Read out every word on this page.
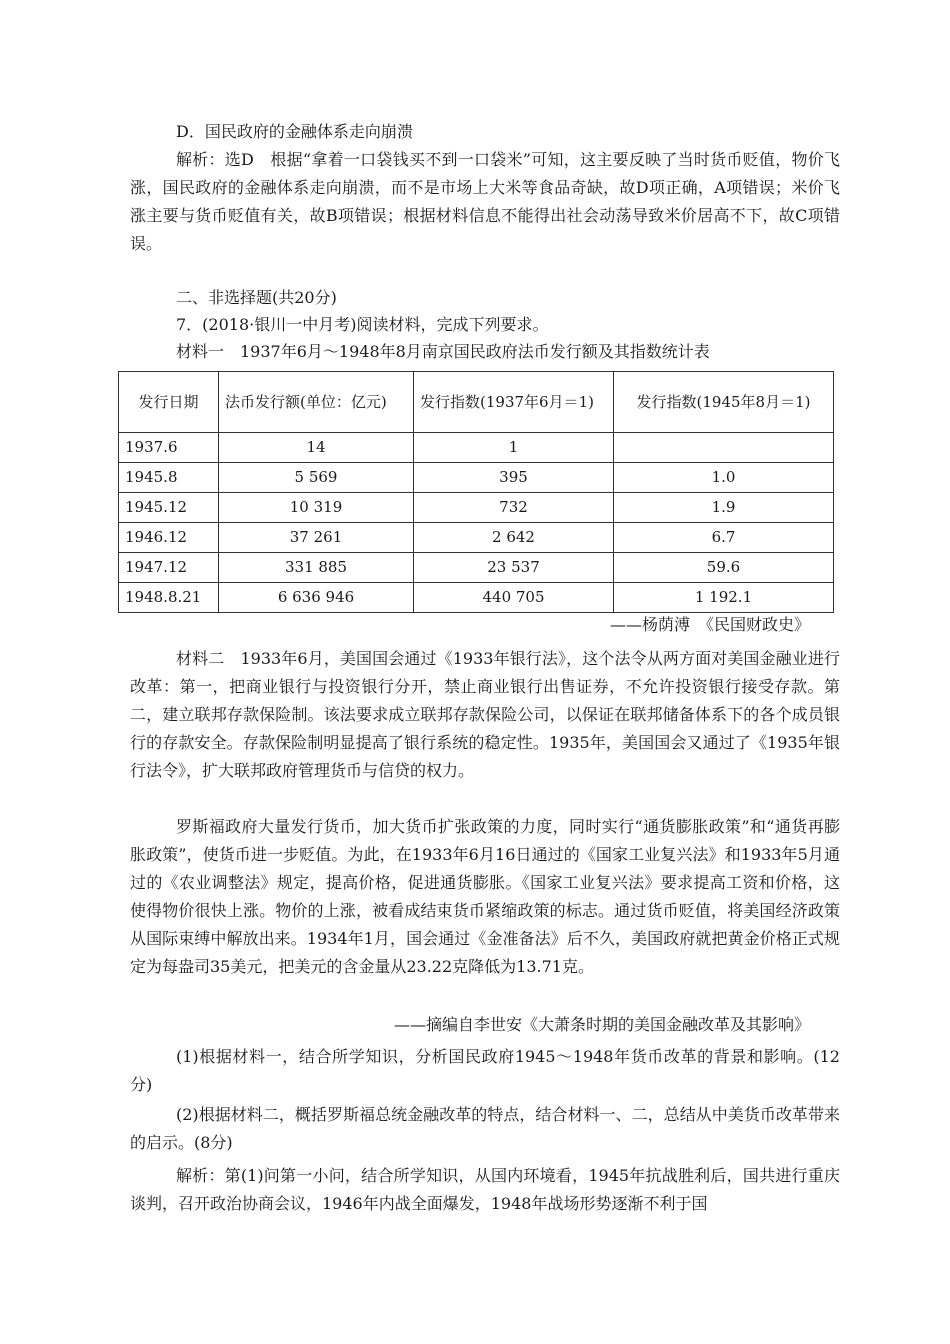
D．国民政府的金融体系走向崩溃

解析：选D　根据“拿着一口袋钱买不到一口袋米”可知，这主要反映了当时货币贬值，物价飞涨，国民政府的金融体系走向崩溃，而不是市场上大米等食品奇缺，故D项正确，A项错误；米价飞涨主要与货币贬值有关，故B项错误；根据材料信息不能得出社会动荡导致米价居高不下，故C项错误。

二、非选择题(共20分)

7．(2018·银川一中月考)阅读材料，完成下列要求。

材料一　1937年6月～1948年8月南京国民政府法币发行额及其指数统计表

发行日期	法币发行额(单位：亿元)	发行指数(1937年6月＝1)	发行指数(1945年8月＝1)
1937.6	14	1	
1945.8	5 569	395	1.0
1945.12	10 319	732	1.9
1946.12	37 261	2 642	6.7
1947.12	331 885	23 537	59.6
1948.8.21	6 636 946	440 705	1 192.1

——杨荫溥　《民国财政史》

材料二　1933年6月，美国国会通过《1933年银行法》，这个法令从两方面对美国金融业进行改革：第一，把商业银行与投资银行分开，禁止商业银行出售证券，不允许投资银行接受存款。第二，建立联邦存款保险制。该法要求成立联邦存款保险公司，以保证在联邦储备体系下的各个成员银行的存款安全。存款保险制明显提高了银行系统的稳定性。1935年，美国国会又通过了《1935年银行法令》，扩大联邦政府管理货币与信贷的权力。

罗斯福政府大量发行货币，加大货币扩张政策的力度，同时实行“通货膨胀政策”和“通货再膨胀政策”，使货币进一步贬值。为此，在1933年6月16日通过的《国家工业复兴法》和1933年5月通过的《农业调整法》规定，提高价格，促进通货膨胀。《国家工业复兴法》要求提高工资和价格，这使得物价很快上涨。物价的上涨，被看成结束货币紧缩政策的标志。通过货币贬值，将美国经济政策从国际束缚中解放出来。1934年1月，国会通过《金准备法》后不久，美国政府就把黄金价格正式规定为每盎司35美元，把美元的含金量从23.22克降低为13.71克。

——摘编自李世安《大萧条时期的美国金融改革及其影响》

(1)根据材料一，结合所学知识，分析国民政府1945～1948年货币改革的背景和影响。(12分)

(2)根据材料二，概括罗斯福总统金融改革的特点，结合材料一、二，总结从中美货币改革带来的启示。(8分)

解析：第(1)问第一小问，结合所学知识，从国内环境看，1945年抗战胜利后，国共进行重庆谈判，召开政治协商会议，1946年内战全面爆发，1948年战场形势逐渐不利于国
